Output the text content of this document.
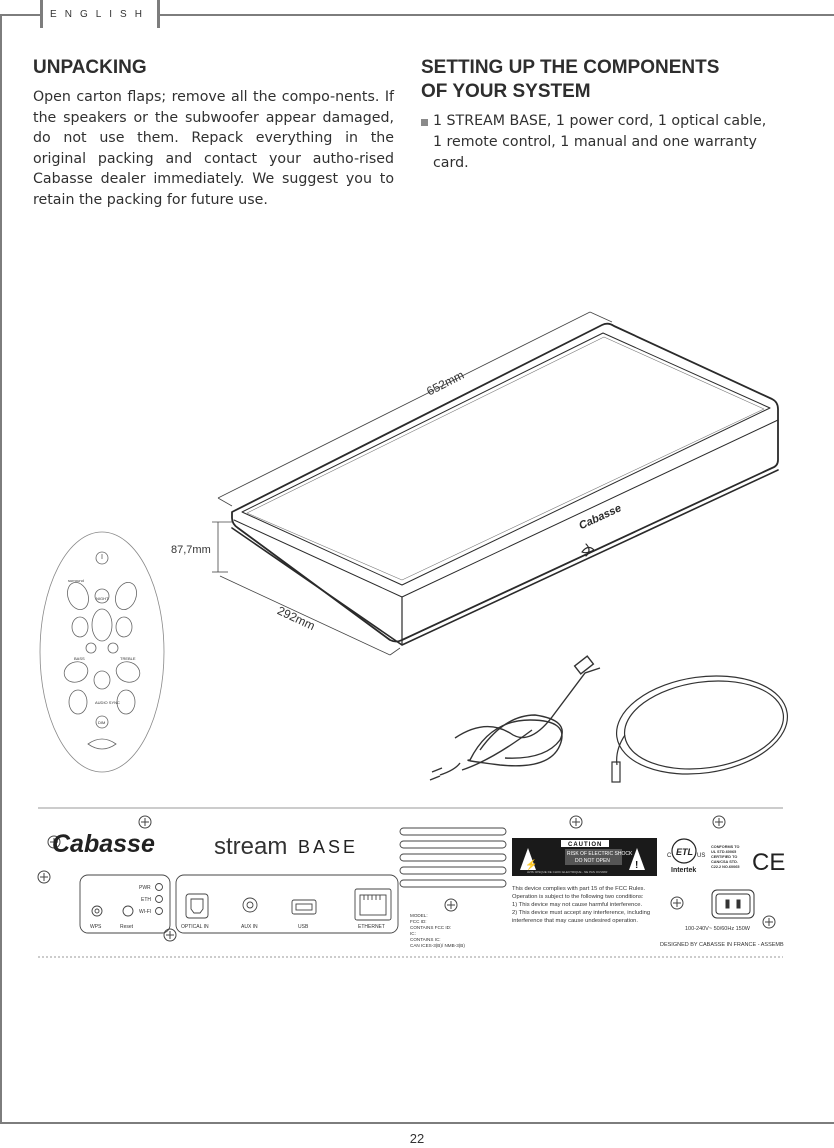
ENGLISH
UNPACKING

Open carton flaps; remove all the compo-nents. If the speakers or the subwoofer appear damaged, do not use them. Repack everything in the original packing and contact your autho-rised Cabasse dealer immediately. We suggest you to retain the packing for future use.

SETTING UP THE COMPONENTS
OF YOUR SYSTEM
1 STREAM BASE, 1 power cord, 1 optical cable, 1 remote control, 1 manual and one warranty card.
Cabasse
652mm
87,7mm
292mm
surround
NIGHT
BASS	TREBLE
AUDIO SYNC
DIM
Cabasse stream BASE
PWR
ETH
WI-FI
WPS	Reset	OPTICAL IN	AUX IN	USB	ETHERNET
MODEL:
FCC ID:
CONTAINS FCC ID:
IC:
CONTAINS IC:
CAN ICES-3(B)/ NMB-3(B)
CAUTION
RISK OF ELECTRIC SHOCK
DO NOT OPEN
AVIS: RISQUE DE CHOC ELECTRIQUE - NE PAS OUVRIR
⚡	!
This device complies with part 15 of the FCC Rules.
Operation is subject to the following two conditions:
1) This device may not cause harmful interference.
2) This device must accept any interference, including
interference that may cause undesired operation.
C ETL US
Intertek
CONFORMS TO
UL STD.60065
CERTIFIED TO
CAN/CSA STD.
C22.2 NO.60065 CE
100-240V~ 50/60Hz 150W
DESIGNED BY CABASSE IN FRANCE - ASSEMB
22
